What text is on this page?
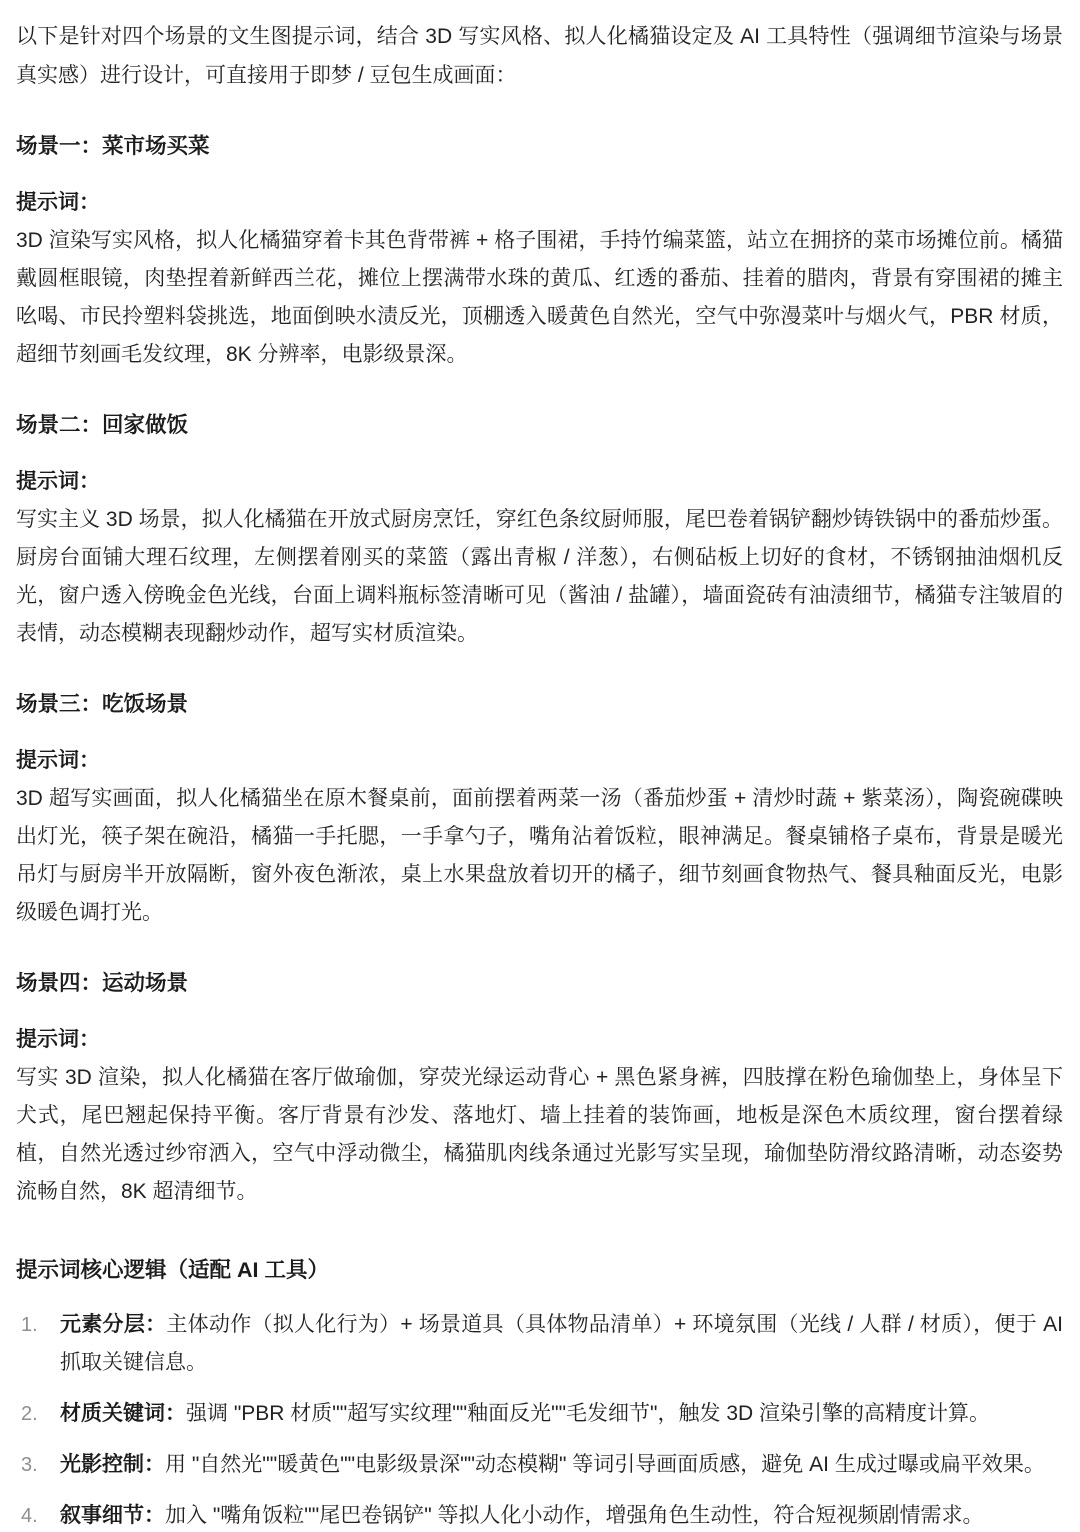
以下是针对四个场景的文生图提示词，结合 3D 写实风格、拟人化橘猫设定及 AI 工具特性（强调细节渲染与场景真实感）进行设计，可直接用于即梦 / 豆包生成画面：

场景一：菜市场买菜

提示词：

3D 渲染写实风格，拟人化橘猫穿着卡其色背带裤 + 格子围裙，手持竹编菜篮，站立在拥挤的菜市场摊位前。橘猫戴圆框眼镜，肉垫捏着新鲜西兰花，摊位上摆满带水珠的黄瓜、红透的番茄、挂着的腊肉，背景有穿围裙的摊主吆喝、市民拎塑料袋挑选，地面倒映水渍反光，顶棚透入暖黄色自然光，空气中弥漫菜叶与烟火气，PBR 材质，超细节刻画毛发纹理，8K 分辨率，电影级景深。

场景二：回家做饭

提示词：

写实主义 3D 场景，拟人化橘猫在开放式厨房烹饪，穿红色条纹厨师服，尾巴卷着锅铲翻炒铸铁锅中的番茄炒蛋。厨房台面铺大理石纹理，左侧摆着刚买的菜篮（露出青椒 / 洋葱），右侧砧板上切好的食材，不锈钢抽油烟机反光，窗户透入傍晚金色光线，台面上调料瓶标签清晰可见（酱油 / 盐罐），墙面瓷砖有油渍细节，橘猫专注皱眉的表情，动态模糊表现翻炒动作，超写实材质渲染。

场景三：吃饭场景

提示词：

3D 超写实画面，拟人化橘猫坐在原木餐桌前，面前摆着两菜一汤（番茄炒蛋 + 清炒时蔬 + 紫菜汤），陶瓷碗碟映出灯光，筷子架在碗沿，橘猫一手托腮，一手拿勺子，嘴角沾着饭粒，眼神满足。餐桌铺格子桌布，背景是暖光吊灯与厨房半开放隔断，窗外夜色渐浓，桌上水果盘放着切开的橘子，细节刻画食物热气、餐具釉面反光，电影级暖色调打光。

场景四：运动场景

提示词：

写实 3D 渲染，拟人化橘猫在客厅做瑜伽，穿荧光绿运动背心 + 黑色紧身裤，四肢撑在粉色瑜伽垫上，身体呈下犬式，尾巴翘起保持平衡。客厅背景有沙发、落地灯、墙上挂着的装饰画，地板是深色木质纹理，窗台摆着绿植，自然光透过纱帘洒入，空气中浮动微尘，橘猫肌肉线条通过光影写实呈现，瑜伽垫防滑纹路清晰，动态姿势流畅自然，8K 超清细节。

提示词核心逻辑（适配 AI 工具）
1.	元素分层：主体动作（拟人化行为）+ 场景道具（具体物品清单）+ 环境氛围（光线 / 人群 / 材质），便于 AI 抓取关键信息。
2.	材质关键词：强调 "PBR 材质""超写实纹理""釉面反光""毛发细节"，触发 3D 渲染引擎的高精度计算。
3.	光影控制：用 "自然光""暖黄色""电影级景深""动态模糊" 等词引导画面质感，避免 AI 生成过曝或扁平效果。
4.	叙事细节：加入 "嘴角饭粒""尾巴卷锅铲" 等拟人化小动作，增强角色生动性，符合短视频剧情需求。
